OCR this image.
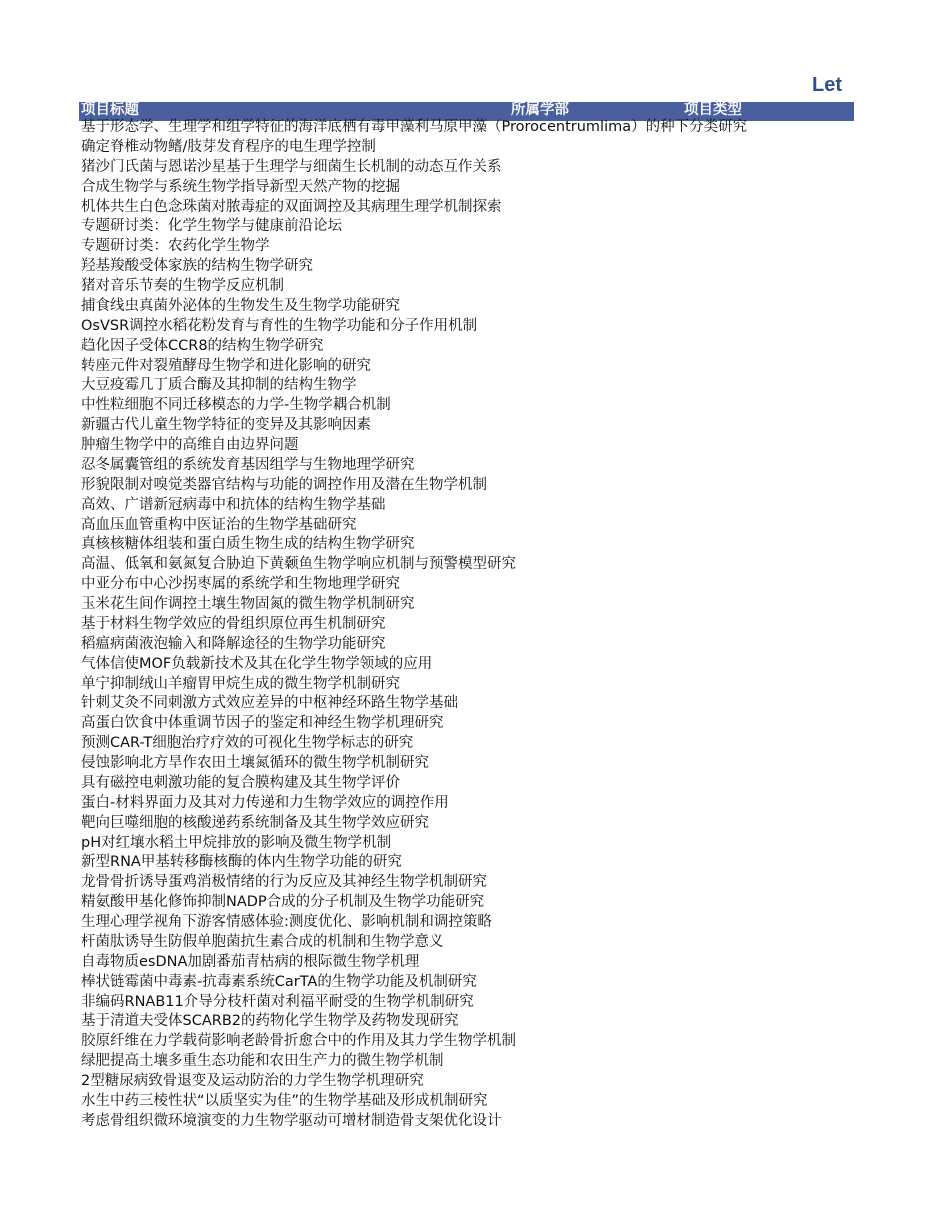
Let
项目标题	所属学部	项目类型
基于形态学、生理学和组学特征的海洋底栖有毒甲藻利马原甲藻（Prorocentrumlima）的种下分类研究
确定脊椎动物鳍/肢芽发育程序的电生理学控制
猪沙门氏菌与恩诺沙星基于生理学与细菌生长机制的动态互作关系
合成生物学与系统生物学指导新型天然产物的挖掘
机体共生白色念珠菌对脓毒症的双面调控及其病理生理学机制探索
专题研讨类：化学生物学与健康前沿论坛
专题研讨类：农药化学生物学
羟基羧酸受体家族的结构生物学研究
猪对音乐节奏的生物学反应机制
捕食线虫真菌外泌体的生物发生及生物学功能研究
OsVSR调控水稻花粉发育与育性的生物学功能和分子作用机制
趋化因子受体CCR8的结构生物学研究
转座元件对裂殖酵母生物学和进化影响的研究
大豆疫霉几丁质合酶及其抑制的结构生物学
中性粒细胞不同迁移模态的力学-生物学耦合机制
新疆古代儿童生物学特征的变异及其影响因素
肿瘤生物学中的高维自由边界问题
忍冬属囊管组的系统发育基因组学与生物地理学研究
形貌限制对嗅觉类器官结构与功能的调控作用及潜在生物学机制
高效、广谱新冠病毒中和抗体的结构生物学基础
高血压血管重构中医证治的生物学基础研究
真核核糖体组装和蛋白质生物生成的结构生物学研究
高温、低氧和氨氮复合胁迫下黄颡鱼生物学响应机制与预警模型研究
中亚分布中心沙拐枣属的系统学和生物地理学研究
玉米花生间作调控土壤生物固氮的微生物学机制研究
基于材料生物学效应的骨组织原位再生机制研究
稻瘟病菌液泡输入和降解途径的生物学功能研究
气体信使MOF负载新技术及其在化学生物学领域的应用
单宁抑制绒山羊瘤胃甲烷生成的微生物学机制研究
针刺艾灸不同刺激方式效应差异的中枢神经环路生物学基础
高蛋白饮食中体重调节因子的鉴定和神经生物学机理研究
预测CAR-T细胞治疗疗效的可视化生物学标志的研究
侵蚀影响北方旱作农田土壤氮循环的微生物学机制研究
具有磁控电刺激功能的复合膜构建及其生物学评价
蛋白-材料界面力及其对力传递和力生物学效应的调控作用
靶向巨噬细胞的核酸递药系统制备及其生物学效应研究
pH对红壤水稻土甲烷排放的影响及微生物学机制
新型RNA甲基转移酶核酶的体内生物学功能的研究
龙骨骨折诱导蛋鸡消极情绪的行为反应及其神经生物学机制研究
精氨酸甲基化修饰抑制NADP合成的分子机制及生物学功能研究
生理心理学视角下游客情感体验:测度优化、影响机制和调控策略
杆菌肽诱导生防假单胞菌抗生素合成的机制和生物学意义
自毒物质esDNA加剧番茄青枯病的根际微生物学机理
棒状链霉菌中毒素-抗毒素系统CarTA的生物学功能及机制研究
非编码RNAB11介导分枝杆菌对利福平耐受的生物学机制研究
基于清道夫受体SCARB2的药物化学生物学及药物发现研究
胶原纤维在力学载荷影响老龄骨折愈合中的作用及其力学生物学机制
绿肥提高土壤多重生态功能和农田生产力的微生物学机制
2型糖尿病致骨退变及运动防治的力学生物学机理研究
水生中药三棱性状“以质坚实为佳”的生物学基础及形成机制研究
考虑骨组织微环境演变的力生物学驱动可增材制造骨支架优化设计
